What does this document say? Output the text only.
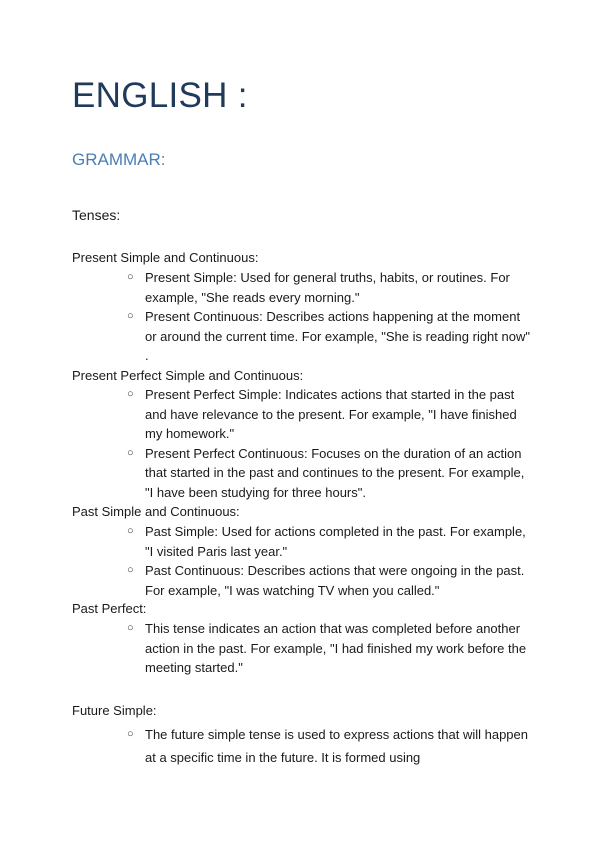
ENGLISH :
GRAMMAR:
Tenses:
Present Simple and Continuous:
○ Present Simple: Used for general truths, habits, or routines. For example, "She reads every morning."
○ Present Continuous: Describes actions happening at the moment or around the current time. For example, "She is reading right now" .
Present Perfect Simple and Continuous:
○ Present Perfect Simple: Indicates actions that started in the past and have relevance to the present. For example, "I have finished my homework."
○ Present Perfect Continuous: Focuses on the duration of an action that started in the past and continues to the present. For example, "I have been studying for three hours".
Past Simple and Continuous:
○ Past Simple: Used for actions completed in the past. For example, "I visited Paris last year."
○ Past Continuous: Describes actions that were ongoing in the past. For example, "I was watching TV when you called."
Past Perfect:
○ This tense indicates an action that was completed before another action in the past. For example, "I had finished my work before the meeting started."
Future Simple:
○ The future simple tense is used to express actions that will happen at a specific time in the future. It is formed using
